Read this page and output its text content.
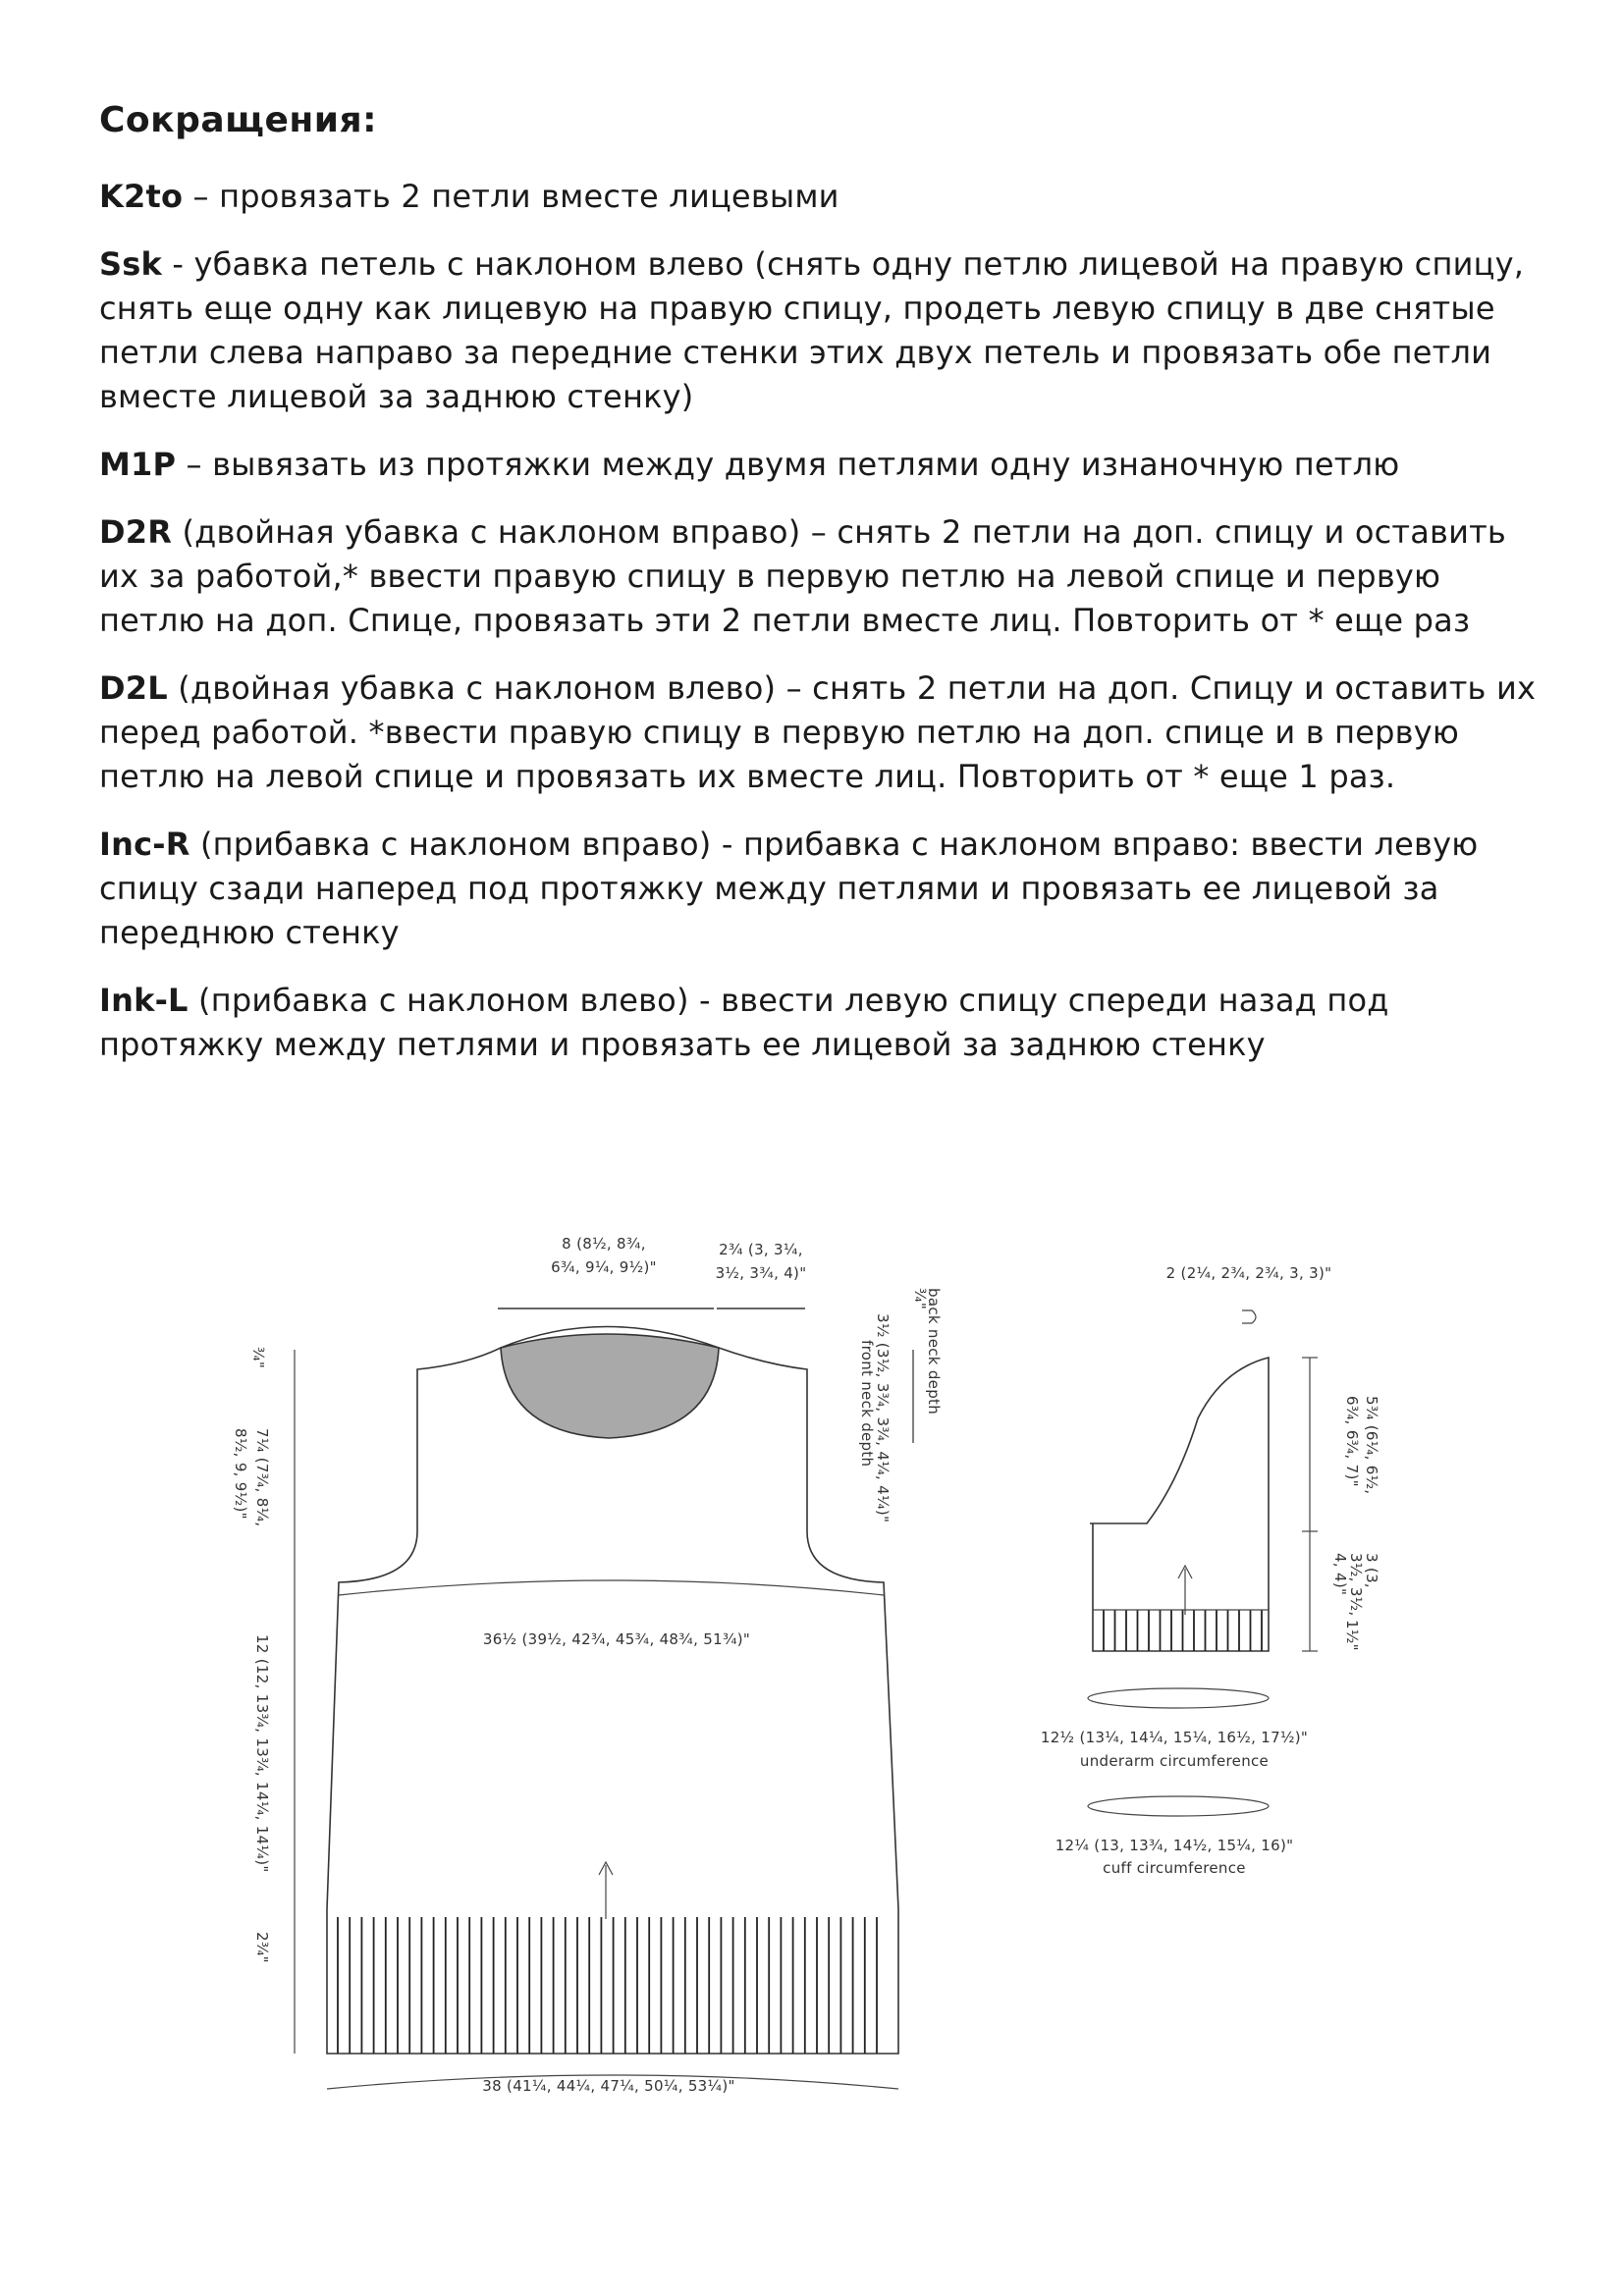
Сокращения:

K2to – провязать 2 петли вместе лицевыми

Ssk - убавка петель с наклоном влево (снять одну петлю лицевой на правую спицу, снять еще одну как лицевую на правую спицу, продеть левую спицу в две снятые петли слева направо за передние стенки этих двух петель и провязать обе петли вместе лицевой за заднюю стенку)

M1P – вывязать из протяжки между двумя петлями одну изнаночную петлю

D2R (двойная убавка с наклоном вправо) – снять 2 петли на доп. спицу и оставить их за работой,* ввести правую спицу в первую петлю на левой спице и первую петлю на доп. Спице, провязать эти 2 петли вместе лиц. Повторить от * еще раз

D2L (двойная убавка с наклоном влево) – снять 2 петли на доп. Спицу и оставить их перед работой. *ввести правую спицу в первую петлю на доп. спице и в первую петлю на левой спице и провязать их вместе лиц. Повторить от * еще 1 раз.

Inc-R (прибавка с наклоном вправо) - прибавка с наклоном вправо: ввести левую спицу сзади наперед под протяжку между петлями и провязать ее лицевой за переднюю стенку

Ink-L (прибавка с наклоном влево) - ввести левую спицу спереди назад под протяжку между петлями и провязать ее лицевой за заднюю стенку

8 (8½, 8¾,
6¾, 9¼, 9½)"
2¾ (3, 3¼,
3½, 3¾, 4)"
36½ (39½, 42¾, 45¾, 48¾, 51¾)"
38 (41¼, 44¼, 47¼, 50¼, 53¼)"
¾"
7¼ (7¾, 8¼,
8½, 9, 9½)"
12 (12, 13¾, 13¾, 14¼, 14¼)"
2¾"
¾"
back neck depth
3½ (3½, 3¾, 3¾, 4¼, 4¼)"
front neck depth
2 (2¼, 2¾, 2¾, 3, 3)"
5¾ (6¼, 6½,
6¾, 6¾, 7)"
3 (3,
3½, 3½,
4, 4)"
1½"
12½ (13¼, 14¼, 15¼, 16½, 17½)"
underarm circumference
12¼ (13, 13¾, 14½, 15¼, 16)"
cuff circumference
